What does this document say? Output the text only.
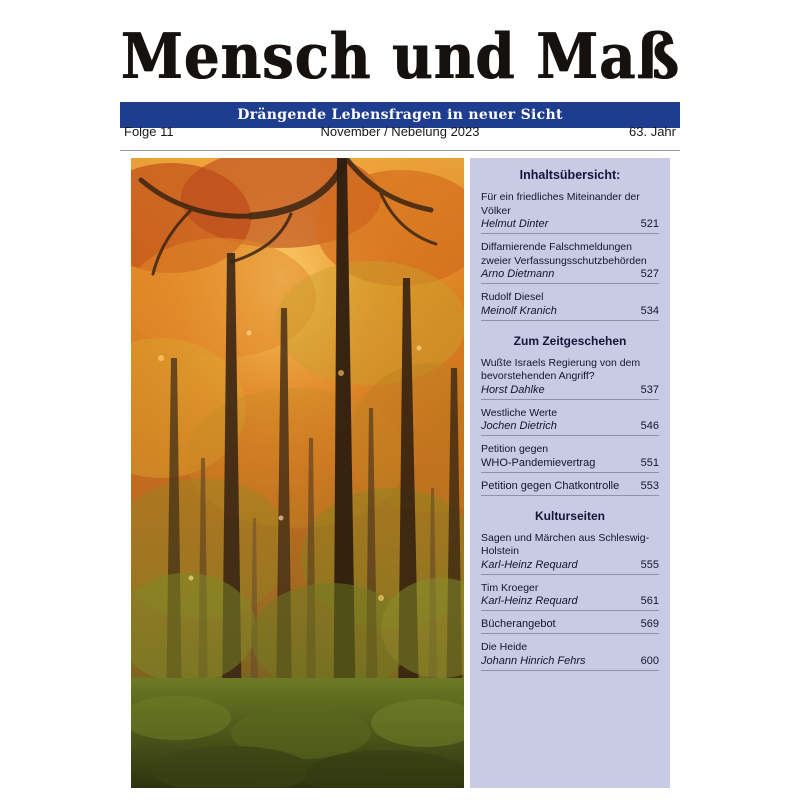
Mensch und Maß
Drängende Lebensfragen in neuer Sicht
Folge 11	November / Nebelung 2023	63. Jahr
Inhaltsübersicht:
Für ein friedliches Miteinander der
Völker
Helmut Dinter	521
Diffamierende Falschmeldungen
zweier Verfassungsschutzbehörden
Arno Dietmann	527
Rudolf Diesel
Meinolf Kranich	534
Zum Zeitgeschehen
Wußte Israels Regierung von dem
bevorstehenden Angriff?
Horst Dahlke	537
Westliche Werte
Jochen Dietrich	546
Petition gegen
WHO-Pandemievertrag	551
Petition gegen Chatkontrolle	553
Kulturseiten
Sagen und Märchen aus Schleswig-
Holstein
Karl-Heinz Requard	555
Tim Kroeger
Karl-Heinz Requard	561
Bücherangebot	569
Die Heide
Johann Hinrich Fehrs	600
